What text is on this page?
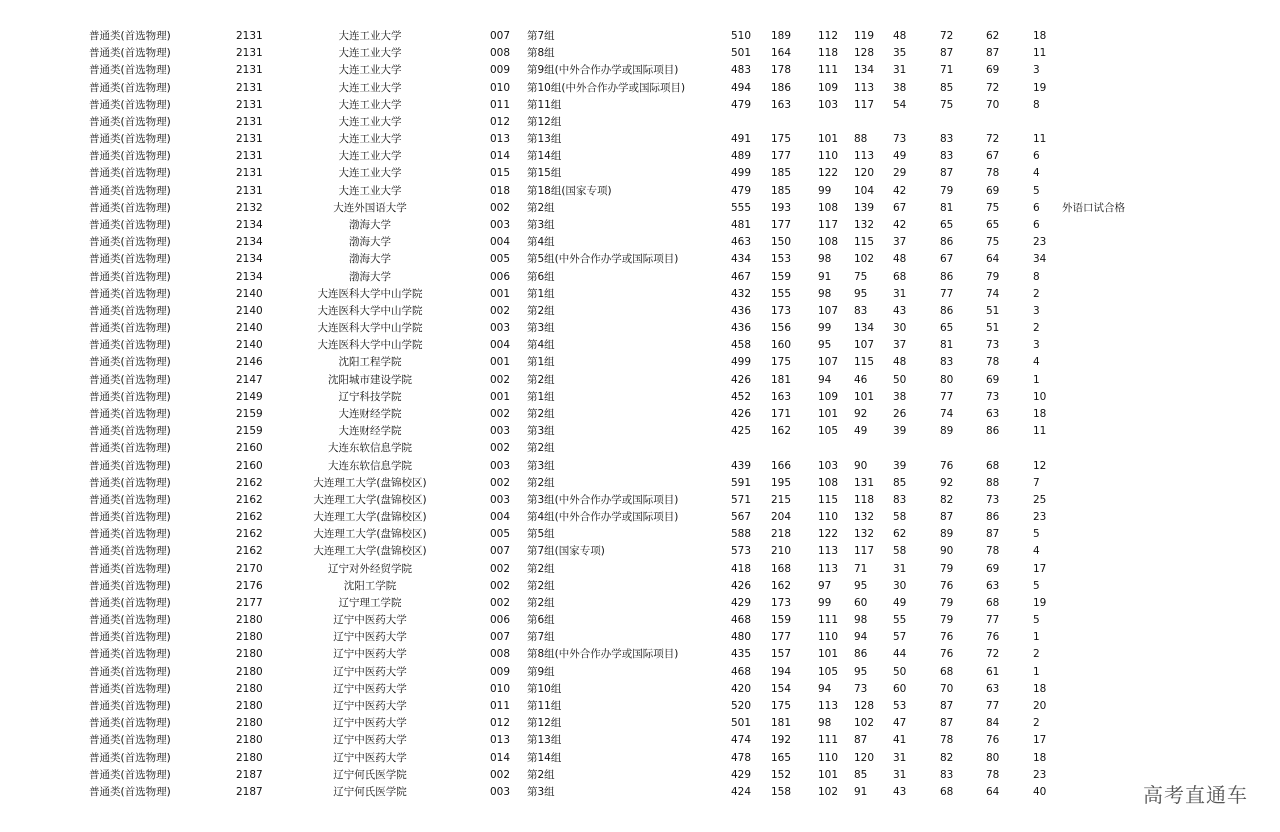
普通类(首选物理)	2131	大连工业大学	007 第7组	510 189	112 119 48	72	62	18
普通类(首选物理)	2131	大连工业大学	008 第8组	501 164	118 128 35	87	87	11
普通类(首选物理)	2131	大连工业大学	009 第9组(中外合作办学或国际项目)	483 178	111 134 31	71	69	3
普通类(首选物理)	2131	大连工业大学	010 第10组(中外合作办学或国际项目)	494 186	109 113 38	85	72	19
普通类(首选物理)	2131	大连工业大学	011 第11组	479 163	103 117 54	75	70	8
普通类(首选物理)	2131	大连工业大学	012 第12组
普通类(首选物理)	2131	大连工业大学	013 第13组	491 175	101 88 73	83	72	11
普通类(首选物理)	2131	大连工业大学	014 第14组	489 177	110 113 49	83	67	6
普通类(首选物理)	2131	大连工业大学	015 第15组	499 185	122 120 29	87	78	4
普通类(首选物理)	2131	大连工业大学	018 第18组(国家专项)	479 185	99 104 42	79	69	5
普通类(首选物理)	2132	大连外国语大学	002 第2组	555 193	108 139 67	81	75	6 外语口试合格
普通类(首选物理)	2134	渤海大学	003 第3组	481 177	117 132 42	65	65	6
普通类(首选物理)	2134	渤海大学	004 第4组	463 150	108 115 37	86	75	23
普通类(首选物理)	2134	渤海大学	005 第5组(中外合作办学或国际项目)	434 153	98 102 48	67	64	34
普通类(首选物理)	2134	渤海大学	006 第6组	467 159	91 75 68	86	79	8
普通类(首选物理)	2140	大连医科大学中山学院	001 第1组	432 155	98 95 31	77	74	2
普通类(首选物理)	2140	大连医科大学中山学院	002 第2组	436 173	107 83 43	86	51	3
普通类(首选物理)	2140	大连医科大学中山学院	003 第3组	436 156	99 134 30	65	51	2
普通类(首选物理)	2140	大连医科大学中山学院	004 第4组	458 160	95 107 37	81	73	3
普通类(首选物理)	2146	沈阳工程学院	001 第1组	499 175	107 115 48	83	78	4
普通类(首选物理)	2147	沈阳城市建设学院	002 第2组	426 181	94 46 50	80	69	1
普通类(首选物理)	2149	辽宁科技学院	001 第1组	452 163	109 101 38	77	73	10
普通类(首选物理)	2159	大连财经学院	002 第2组	426 171	101 92 26	74	63	18
普通类(首选物理)	2159	大连财经学院	003 第3组	425 162	105 49 39	89	86	11
普通类(首选物理)	2160	大连东软信息学院	002 第2组
普通类(首选物理)	2160	大连东软信息学院	003 第3组	439 166	103 90 39	76	68	12
普通类(首选物理)	2162	大连理工大学(盘锦校区)	002 第2组	591 195	108 131 85	92	88	7
普通类(首选物理)	2162	大连理工大学(盘锦校区)	003 第3组(中外合作办学或国际项目)	571 215	115 118 83	82	73	25
普通类(首选物理)	2162	大连理工大学(盘锦校区)	004 第4组(中外合作办学或国际项目)	567 204	110 132 58	87	86	23
普通类(首选物理)	2162	大连理工大学(盘锦校区)	005 第5组	588 218	122 132 62	89	87	5
普通类(首选物理)	2162	大连理工大学(盘锦校区)	007 第7组(国家专项)	573 210	113 117 58	90	78	4
普通类(首选物理)	2170	辽宁对外经贸学院	002 第2组	418 168	113 71 31	79	69	17
普通类(首选物理)	2176	沈阳工学院	002 第2组	426 162	97 95 30	76	63	5
普通类(首选物理)	2177	辽宁理工学院	002 第2组	429 173	99 60 49	79	68	19
普通类(首选物理)	2180	辽宁中医药大学	006 第6组	468 159	111 98 55	79	77	5
普通类(首选物理)	2180	辽宁中医药大学	007 第7组	480 177	110 94 57	76	76	1
普通类(首选物理)	2180	辽宁中医药大学	008 第8组(中外合作办学或国际项目)	435 157	101 86 44	76	72	2
普通类(首选物理)	2180	辽宁中医药大学	009 第9组	468 194	105 95 50	68	61	1
普通类(首选物理)	2180	辽宁中医药大学	010 第10组	420 154	94 73 60	70	63	18
普通类(首选物理)	2180	辽宁中医药大学	011 第11组	520 175	113 128 53	87	77	20
普通类(首选物理)	2180	辽宁中医药大学	012 第12组	501 181	98 102 47	87	84	2
普通类(首选物理)	2180	辽宁中医药大学	013 第13组	474 192	111 87 41	78	76	17
普通类(首选物理)	2180	辽宁中医药大学	014 第14组	478 165	110 120 31	82	80	18
普通类(首选物理)	2187	辽宁何氏医学院	002 第2组	429 152	101 85 31	83	78	23
普通类(首选物理)	2187	辽宁何氏医学院	003 第3组	424 158	102 91 43	68	64	40	高考直通车
